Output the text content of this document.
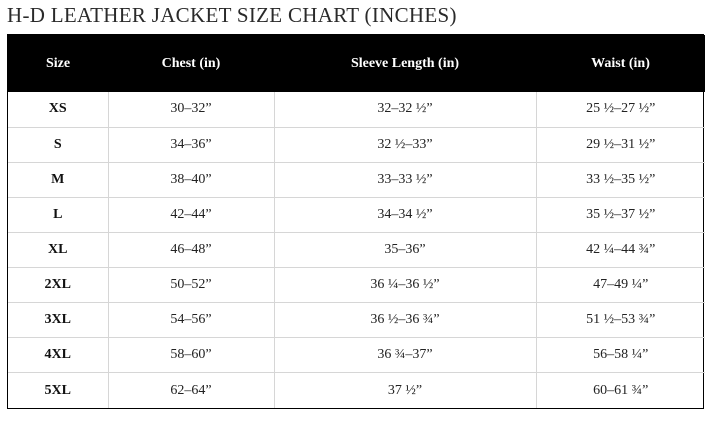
H-D LEATHER JACKET SIZE CHART (INCHES)
Size	Chest (in)	Sleeve Length (in)	Waist (in)
XS	30–32”	32–32 ½”	25 ½–27 ½”
S	34–36”	32 ½–33”	29 ½–31 ½”
M	38–40”	33–33 ½”	33 ½–35 ½”
L	42–44”	34–34 ½”	35 ½–37 ½”
XL	46–48”	35–36”	42 ¼–44 ¾”
2XL	50–52”	36 ¼–36 ½”	47–49 ¼”
3XL	54–56”	36 ½–36 ¾”	51 ½–53 ¾”
4XL	58–60”	36 ¾–37”	56–58 ¼”
5XL	62–64”	37 ½”	60–61 ¾”
